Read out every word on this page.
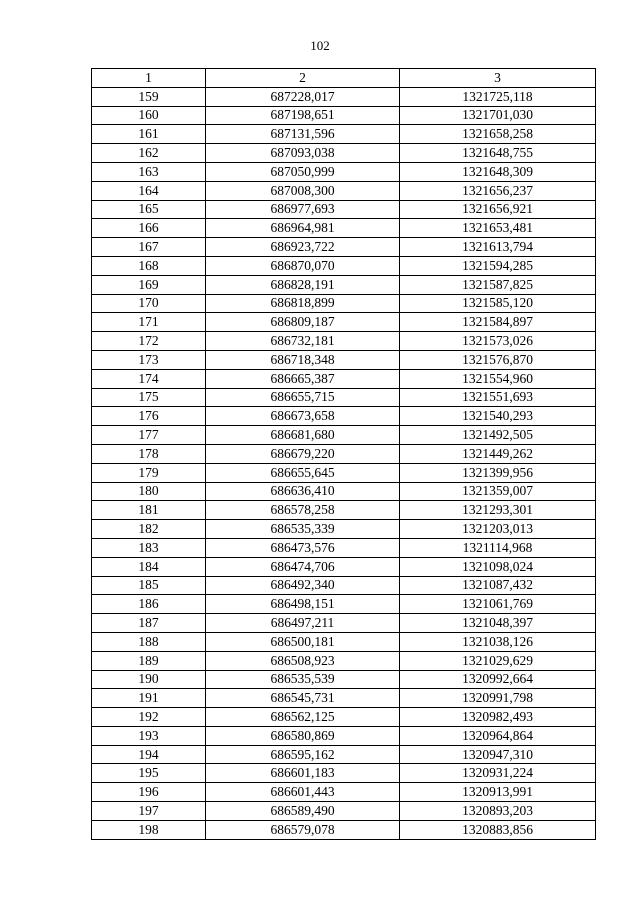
102
1	2	3
159	687228,017	1321725,118
160	687198,651	1321701,030
161	687131,596	1321658,258
162	687093,038	1321648,755
163	687050,999	1321648,309
164	687008,300	1321656,237
165	686977,693	1321656,921
166	686964,981	1321653,481
167	686923,722	1321613,794
168	686870,070	1321594,285
169	686828,191	1321587,825
170	686818,899	1321585,120
171	686809,187	1321584,897
172	686732,181	1321573,026
173	686718,348	1321576,870
174	686665,387	1321554,960
175	686655,715	1321551,693
176	686673,658	1321540,293
177	686681,680	1321492,505
178	686679,220	1321449,262
179	686655,645	1321399,956
180	686636,410	1321359,007
181	686578,258	1321293,301
182	686535,339	1321203,013
183	686473,576	1321114,968
184	686474,706	1321098,024
185	686492,340	1321087,432
186	686498,151	1321061,769
187	686497,211	1321048,397
188	686500,181	1321038,126
189	686508,923	1321029,629
190	686535,539	1320992,664
191	686545,731	1320991,798
192	686562,125	1320982,493
193	686580,869	1320964,864
194	686595,162	1320947,310
195	686601,183	1320931,224
196	686601,443	1320913,991
197	686589,490	1320893,203
198	686579,078	1320883,856
